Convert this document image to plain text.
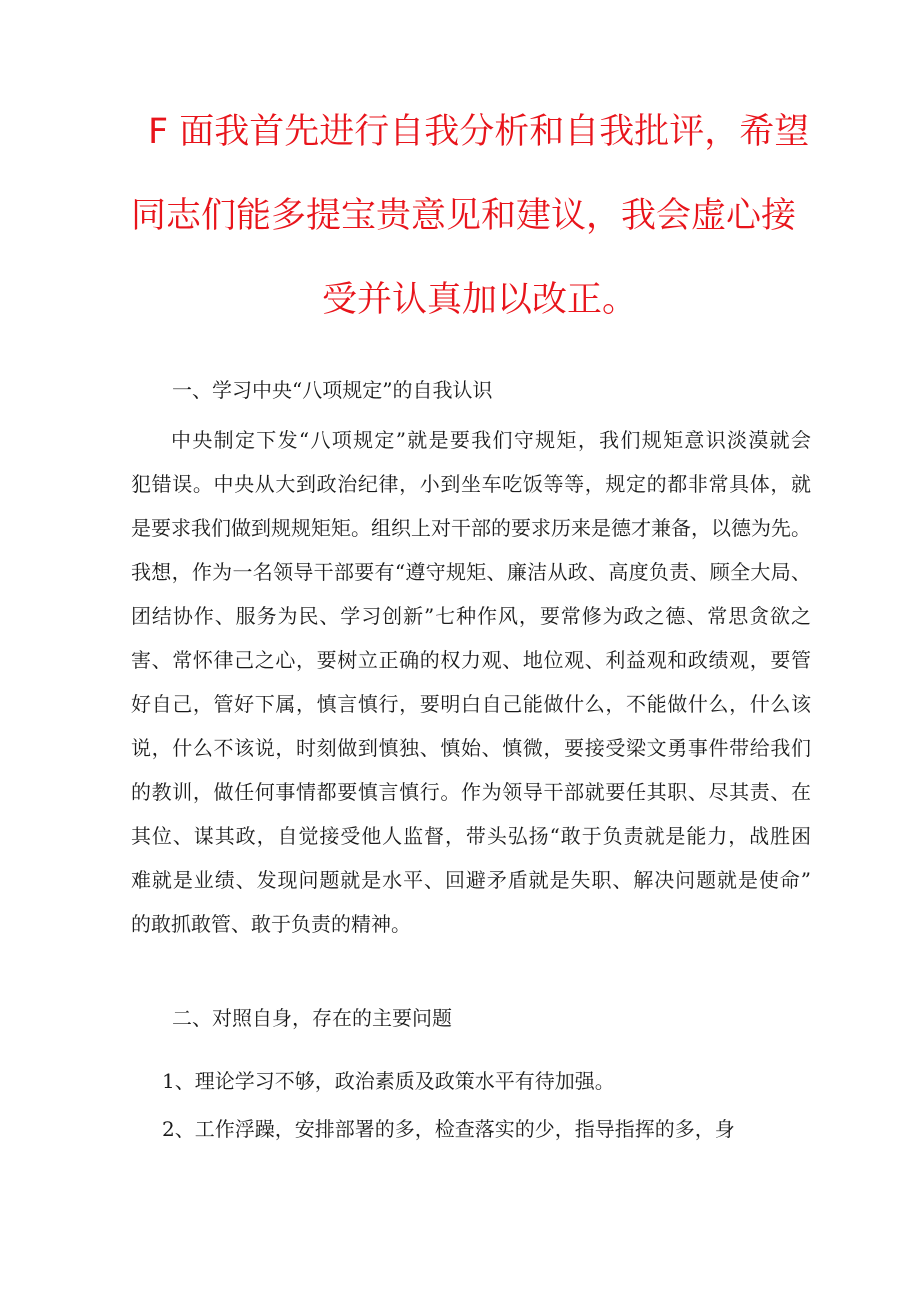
F 面我首先进行自我分析和自我批评，希望
同志们能多提宝贵意见和建议，我会虚心接
受并认真加以改正。
一、学习中央“八项规定”的自我认识
中央制定下发“八项规定”就是要我们守规矩，我们规矩意识淡漠就会
犯错误。中央从大到政治纪律，小到坐车吃饭等等，规定的都非常具体，就
是要求我们做到规规矩矩。组织上对干部的要求历来是德才兼备，以德为先。
我想，作为一名领导干部要有“遵守规矩、廉洁从政、高度负责、顾全大局、
团结协作、服务为民、学习创新”七种作风，要常修为政之德、常思贪欲之
害、常怀律己之心，要树立正确的权力观、地位观、利益观和政绩观，要管
好自己，管好下属，慎言慎行，要明白自己能做什么，不能做什么，什么该
说，什么不该说，时刻做到慎独、慎始、慎微，要接受梁文勇事件带给我们
的教训，做任何事情都要慎言慎行。作为领导干部就要任其职、尽其责、在
其位、谋其政，自觉接受他人监督，带头弘扬“敢于负责就是能力，战胜困
难就是业绩、发现问题就是水平、回避矛盾就是失职、解决问题就是使命”
的敢抓敢管、敢于负责的精神。
二、对照自身，存在的主要问题
1、理论学习不够，政治素质及政策水平有待加强。
2、工作浮躁，安排部署的多，检查落实的少，指导指挥的多，身
